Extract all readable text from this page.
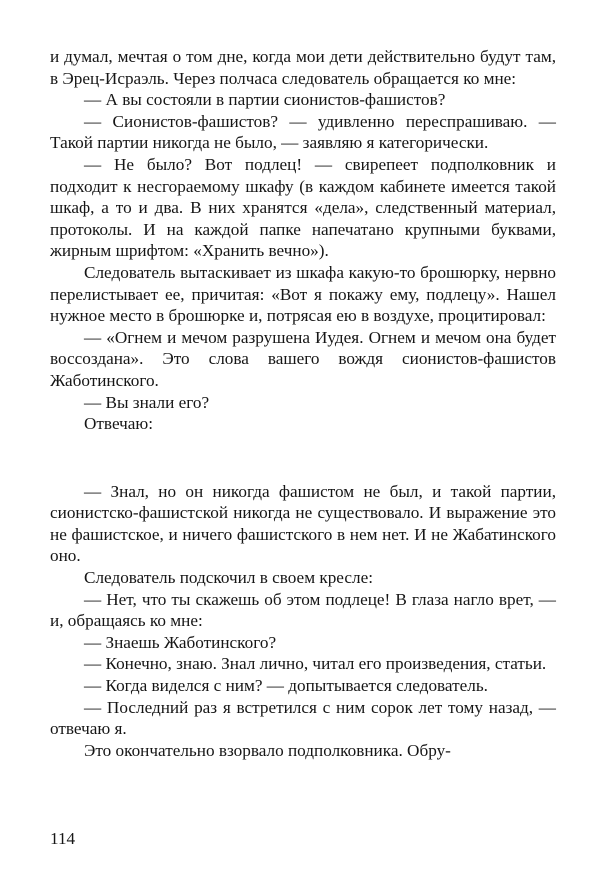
и думал, мечтая о том дне, когда мои дети действительно будут там, в Эрец-Исраэль. Через полчаса следователь обращается ко мне:

— А вы состояли в партии сионистов-фашистов?

— Сионистов-фашистов? — удивленно переспрашиваю. — Такой партии никогда не было, — заявляю я категорически.

— Не было? Вот подлец! — свирепеет подполковник и подходит к несгораемому шкафу (в каждом кабинете имеется такой шкаф, а то и два. В них хранятся «дела», следственный материал, протоколы. И на каждой папке напечатано крупными буквами, жирным шрифтом: «Хранить вечно»).

Следователь вытаскивает из шкафа какую-то брошюрку, нервно перелистывает ее, причитая: «Вот я покажу ему, подлецу». Нашел нужное место в брошюрке и, потрясая ею в воздухе, процитировал:

— «Огнем и мечом разрушена Иудея. Огнем и мечом она будет воссоздана». Это слова вашего вождя сионистов-фашистов Жаботинского.

— Вы знали его?

Отвечаю:

— Знал, но он никогда фашистом не был, и такой партии, сионистско-фашистской никогда не существовало. И выражение это не фашистское, и ничего фашистского в нем нет. И не Жабатинского оно.

Следователь подскочил в своем кресле:

— Нет, что ты скажешь об этом подлеце! В глаза нагло врет, — и, обращаясь ко мне:

— Знаешь Жаботинского?

— Конечно, знаю. Знал лично, читал его произведения, статьи.

— Когда виделся с ним? — допытывается следователь.

— Последний раз я встретился с ним сорок лет тому назад, — отвечаю я.

Это окончательно взорвало подполковника. Обру-

114
